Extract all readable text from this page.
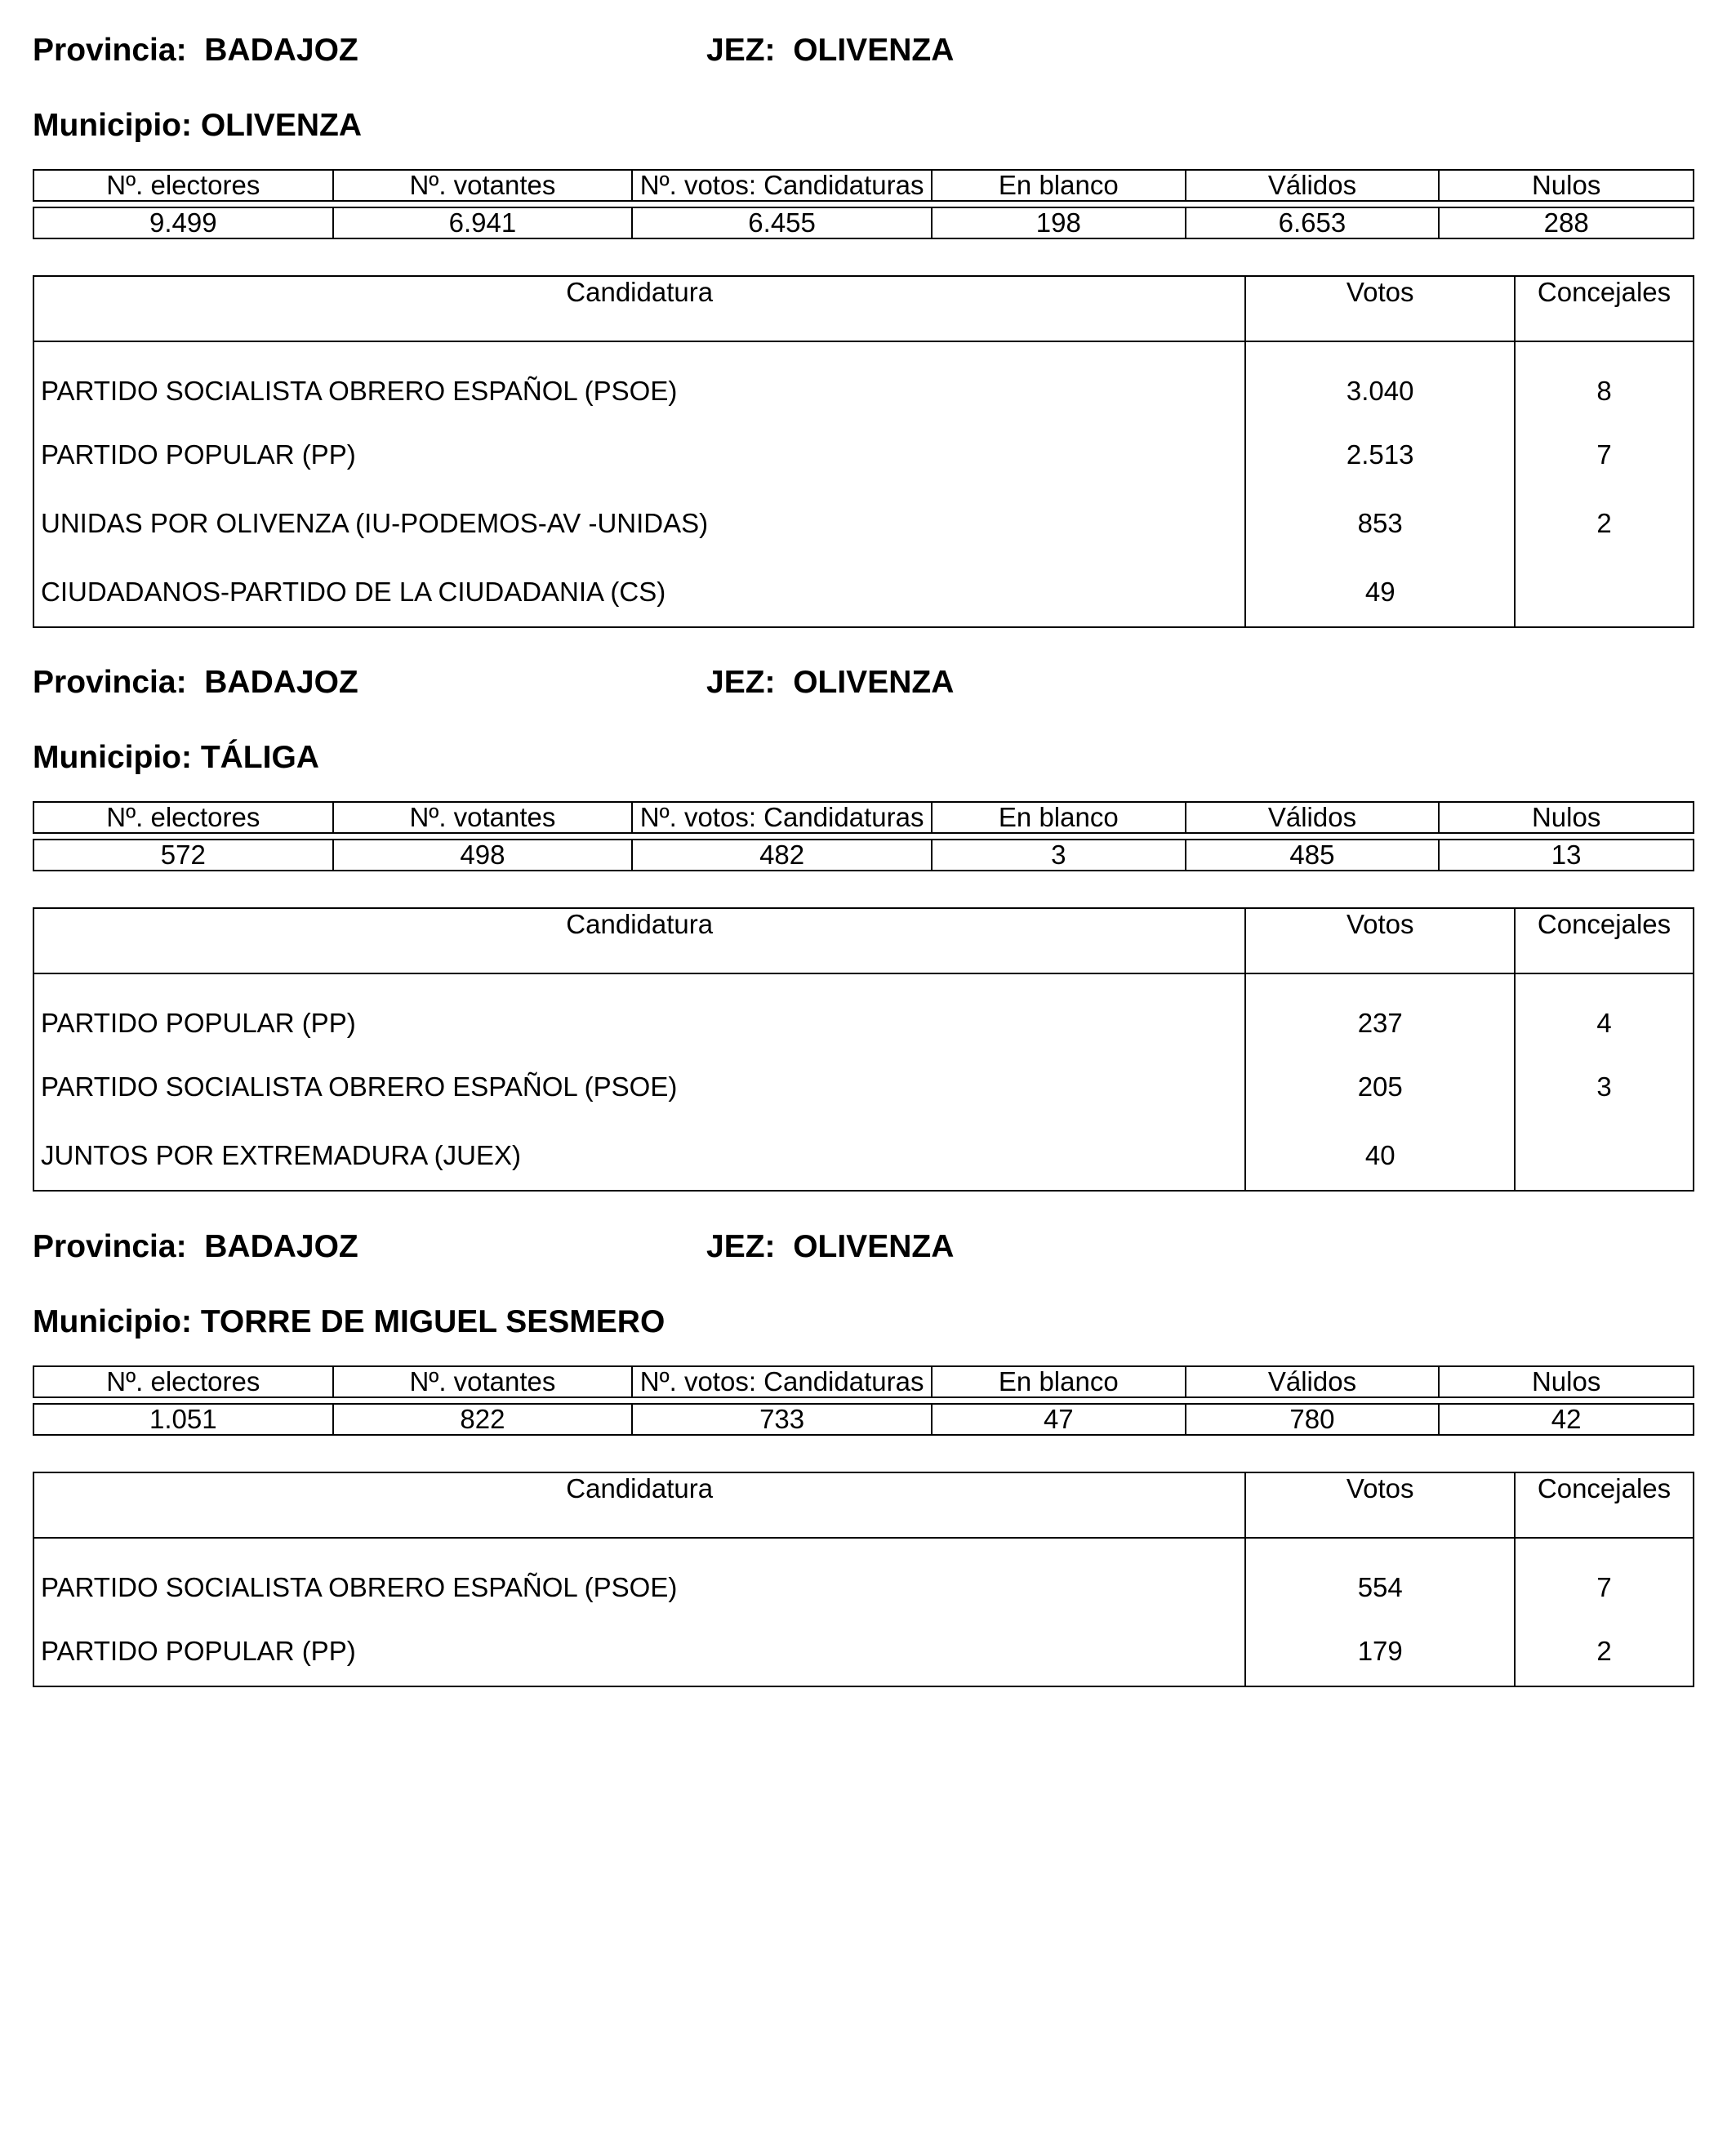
Provincia: BADAJOZ	JEZ: OLIVENZA
Municipio: OLIVENZA
Nº. electores	Nº. votantes	Nº. votos: Candidaturas	En blanco	Válidos	Nulos

9.499	6.941	6.455	198	6.653	288
Candidatura	Votos	Concejales
PARTIDO SOCIALISTA OBRERO ESPAÑOL (PSOE)	3.040	8
PARTIDO POPULAR (PP)	2.513	7
UNIDAS POR OLIVENZA (IU-PODEMOS-AV -UNIDAS)	853	2
CIUDADANOS-PARTIDO DE LA CIUDADANIA (CS)	49	
Provincia: BADAJOZ	JEZ: OLIVENZA
Municipio: TÁLIGA
Nº. electores	Nº. votantes	Nº. votos: Candidaturas	En blanco	Válidos	Nulos

572	498	482	3	485	13
Candidatura	Votos	Concejales
PARTIDO POPULAR (PP)	237	4
PARTIDO SOCIALISTA OBRERO ESPAÑOL (PSOE)	205	3
JUNTOS POR EXTREMADURA (JUEX)	40	
Provincia: BADAJOZ	JEZ: OLIVENZA
Municipio: TORRE DE MIGUEL SESMERO
Nº. electores	Nº. votantes	Nº. votos: Candidaturas	En blanco	Válidos	Nulos

1.051	822	733	47	780	42
Candidatura	Votos	Concejales
PARTIDO SOCIALISTA OBRERO ESPAÑOL (PSOE)	554	7
PARTIDO POPULAR (PP)	179	2
